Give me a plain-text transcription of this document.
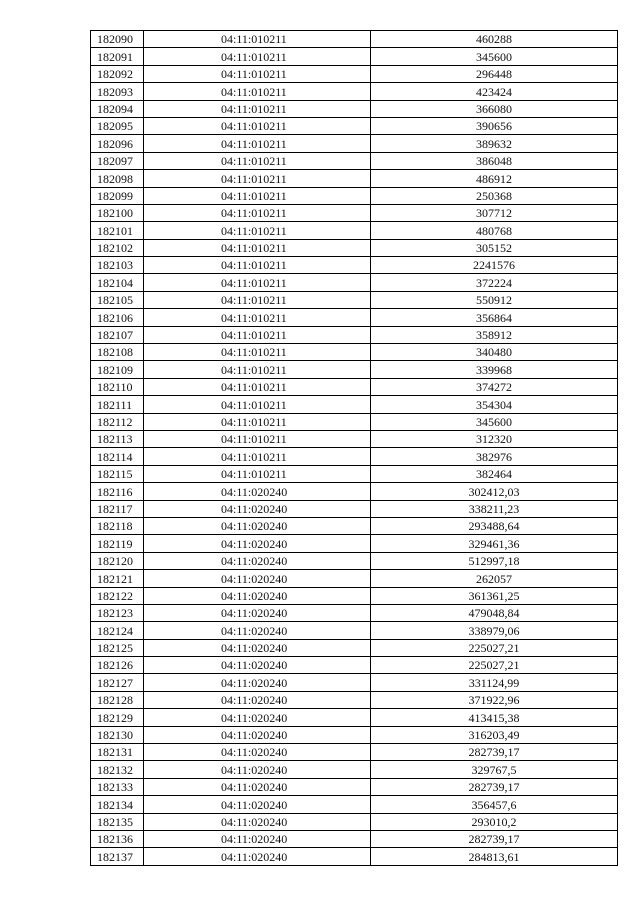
182090	04:11:010211	460288
182091	04:11:010211	345600
182092	04:11:010211	296448
182093	04:11:010211	423424
182094	04:11:010211	366080
182095	04:11:010211	390656
182096	04:11:010211	389632
182097	04:11:010211	386048
182098	04:11:010211	486912
182099	04:11:010211	250368
182100	04:11:010211	307712
182101	04:11:010211	480768
182102	04:11:010211	305152
182103	04:11:010211	2241576
182104	04:11:010211	372224
182105	04:11:010211	550912
182106	04:11:010211	356864
182107	04:11:010211	358912
182108	04:11:010211	340480
182109	04:11:010211	339968
182110	04:11:010211	374272
182111	04:11:010211	354304
182112	04:11:010211	345600
182113	04:11:010211	312320
182114	04:11:010211	382976
182115	04:11:010211	382464
182116	04:11:020240	302412,03
182117	04:11:020240	338211,23
182118	04:11:020240	293488,64
182119	04:11:020240	329461,36
182120	04:11:020240	512997,18
182121	04:11:020240	262057
182122	04:11:020240	361361,25
182123	04:11:020240	479048,84
182124	04:11:020240	338979,06
182125	04:11:020240	225027,21
182126	04:11:020240	225027,21
182127	04:11:020240	331124,99
182128	04:11:020240	371922,96
182129	04:11:020240	413415,38
182130	04:11:020240	316203,49
182131	04:11:020240	282739,17
182132	04:11:020240	329767,5
182133	04:11:020240	282739,17
182134	04:11:020240	356457,6
182135	04:11:020240	293010,2
182136	04:11:020240	282739,17
182137	04:11:020240	284813,61
